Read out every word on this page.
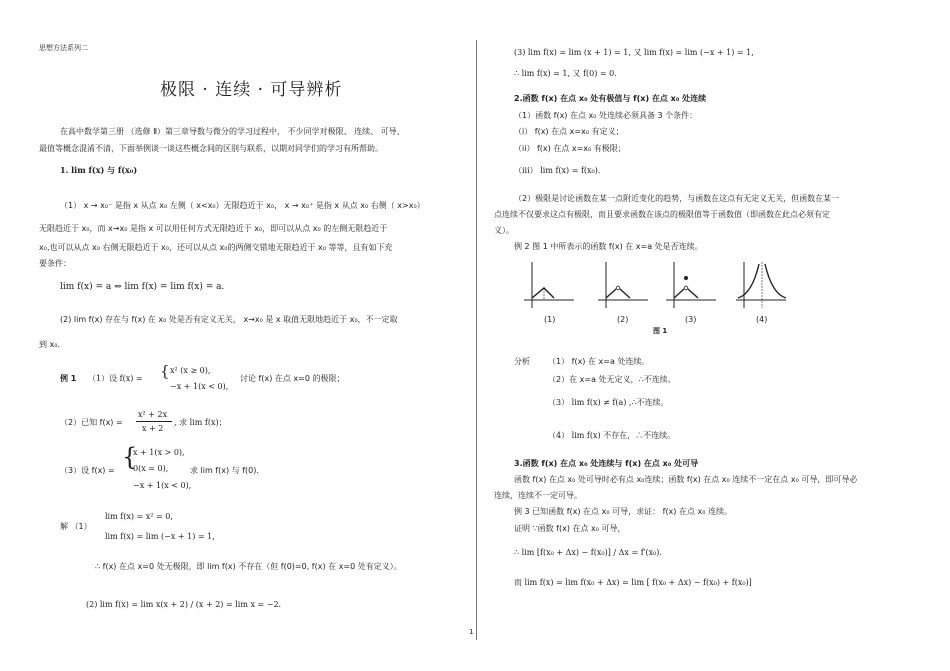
思想方法系列二
1
极限 · 连续 · 可导辨析
在高中数学第三册 （选修 Ⅱ）第三章导数与微分的学习过程中， 不少同学对极限、 连续、 可导、
最值等概念混淆不清，下面举例谈一谈这些概念间的区别与联系，以期对同学们的学习有所帮助。
1. lim f(x) 与 f(x₀)
（1） x → x₀⁻ 是指 x 从点 x₀ 左侧（ x<x₀）无限趋近于 x₀， x → x₀⁺ 是指 x 从点 x₀ 右侧（ x>x₀）
无限趋近于 x₀，而 x→x₀ 是指 x 可以用任何方式无限趋近于 x₀，即可以从点 x₀ 的左侧无限趋近于
x₀,也可以从点 x₀ 右侧无限趋近于 x₀，还可以从点 x₀的两侧交错地无限趋近于 x₀ 等等，且有如下充
要条件：
lim f(x) = a ⇔ lim f(x) = lim f(x) = a.
(2) lim f(x) 存在与 f(x) 在 x₀ 处是否有定义无关， x→x₀ 是 x 取值无限地趋近于 x₀，不一定取
到 x₀.
例 1 （1）设 f(x) = { x² (x ≥ 0),
−x + 1(x < 0),
讨论 f(x) 在点 x=0 的极限；
（2）已知 f(x) =
x² + 2x
x + 2
, 求 lim f(x)；
（3）设 f(x) = {
x + 1(x > 0),
0(x = 0),
−x + 1(x < 0),
求 lim f(x) 与 f(0).
解 （1）
lim f(x) = x² = 0,
lim f(x) = lim (−x + 1) = 1,
∴ f(x) 在点 x=0 处无极限，即 lim f(x) 不存在（但 f(0)=0, f(x) 在 x=0 处有定义）。
(2) lim f(x) = lim x(x + 2) / (x + 2) = lim x = −2.
(3) lim f(x) = lim (x + 1) = 1, 又 lim f(x) = lim (−x + 1) = 1,
∴ lim f(x) = 1, 又 f(0) = 0.
2.函数 f(x) 在点 x₀ 处有极值与 f(x) 在点 x₀ 处连续
（1）函数 f(x) 在点 x₀ 处连续必须具备 3 个条件：
（i） f(x) 在点 x=x₀ 有定义；
（ii） f(x) 在点 x=x₀ 有极限；
（iii） lim f(x) = f(x₀).
（2）极限是讨论函数在某一点附近变化的趋势，与函数在这点有无定义无关，但函数在某一
点连续不仅要求这点有极限，而且要求函数在该点的极限值等于函数值（即函数在此点必须有定
义）。
例 2 图 1 中所表示的函数 f(x) 在 x=a 处是否连续。
(1)	(2)	(3)	(4)
图 1
分析 （1） f(x) 在 x=a 处连续。
（2）在 x=a 处无定义，∴不连续。
（3） lim f(x) ≠ f(a) ,∴不连续。
（4） lim f(x) 不存在，∴不连续。
3.函数 f(x) 在点 x₀ 处连续与 f(x) 在点 x₀ 处可导
函数 f(x) 在点 x₀ 处可导时必有点 x₀连续；函数 f(x) 在点 x₀ 连续不一定在点 x₀ 可导，即可导必
连续，连续不一定可导。
例 3 已知函数 f(x) 在点 x₀ 可导，求证： f(x) 在点 x₀ 连续。
证明 ∵函数 f(x) 在点 x₀ 可导，
∴ lim [f(x₀ + Δx) − f(x₀)] / Δx = f′(x₀).
而 lim f(x) = lim f(x₀ + Δx) = lim [ f(x₀ + Δx) − f(x₀) + f(x₀)]
